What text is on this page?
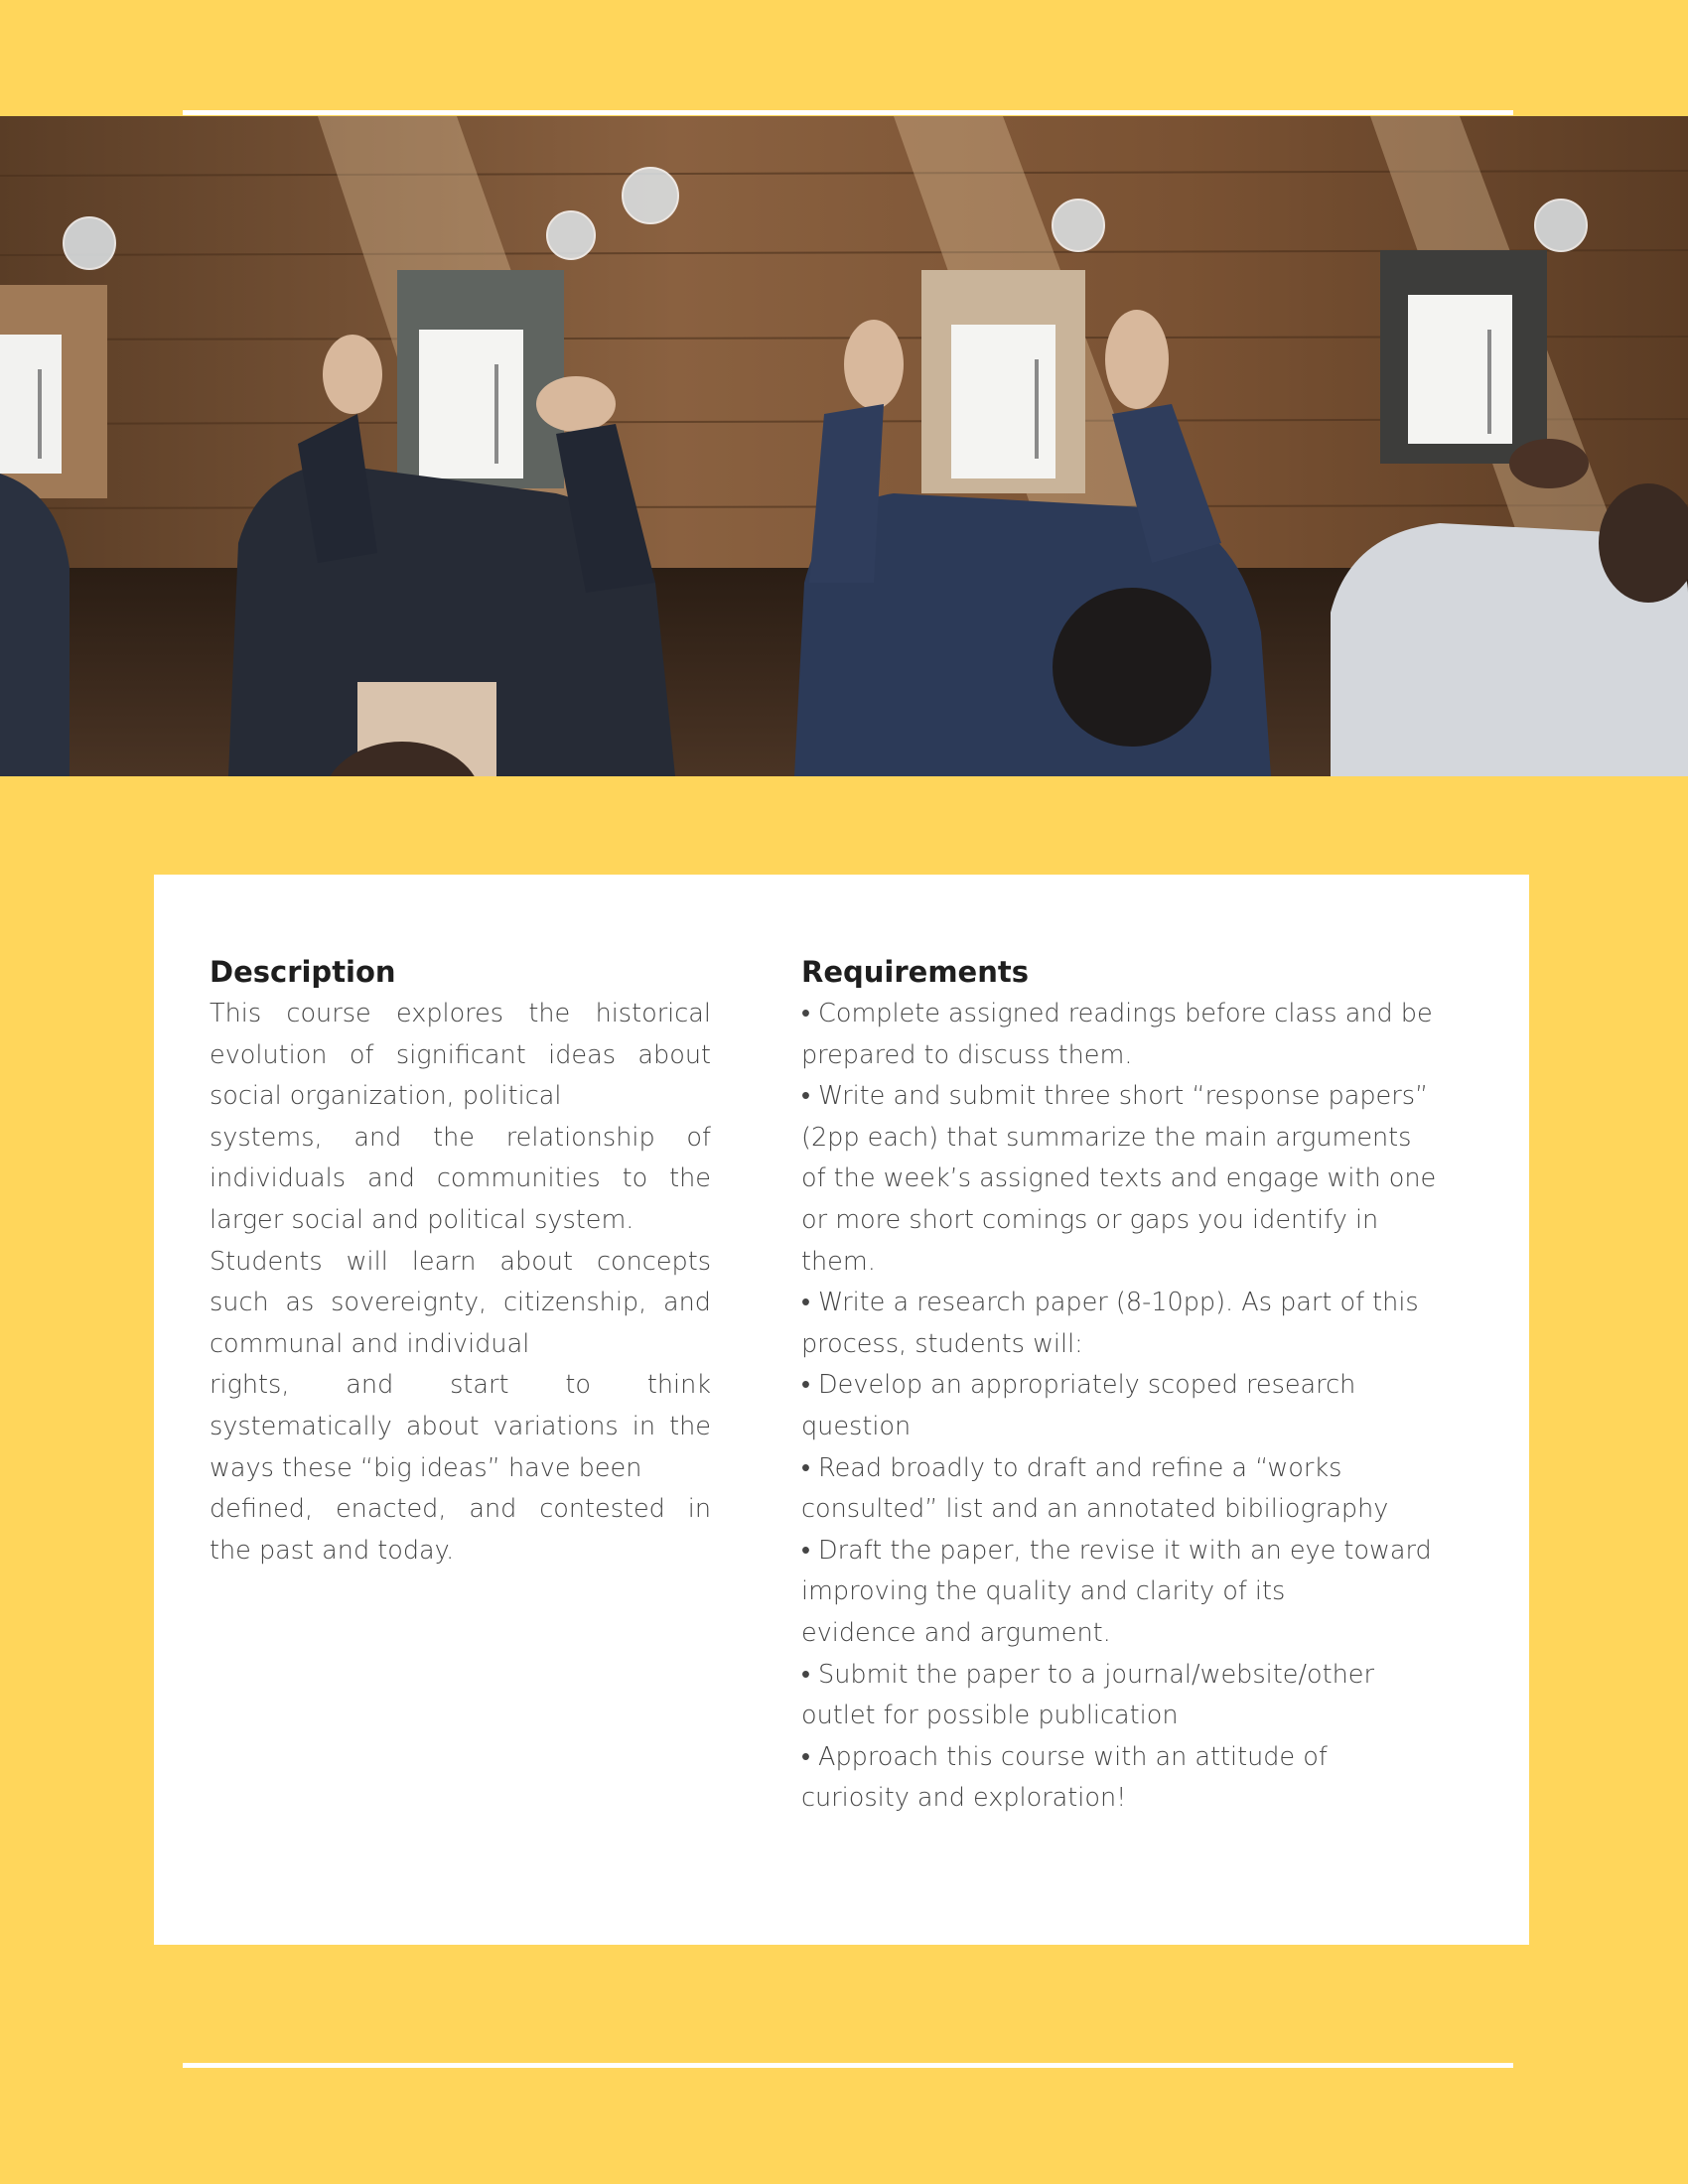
Description

This course explores the historical
evolution of significant ideas about
social organization, political
systems, and the relationship of
individuals and communities to the
larger social and political system.
Students will learn about concepts
such as sovereignty, citizenship, and
communal and individual
rights, and start to think
systematically about variations in the
ways these “big ideas” have been
defined, enacted, and contested in
the past and today.

Requirements
• Complete assigned readings before class and be
prepared to discuss them.
• Write and submit three short “response papers”
(2pp each) that summarize the main arguments
of the week’s assigned texts and engage with one
or more short comings or gaps you identify in
them.
• Write a research paper (8-10pp). As part of this
process, students will:
• Develop an appropriately scoped research
question
• Read broadly to draft and refine a “works
consulted” list and an annotated bibiliography
• Draft the paper, the revise it with an eye toward
improving the quality and clarity of its
evidence and argument.
• Submit the paper to a journal/website/other
outlet for possible publication
• Approach this course with an attitude of
curiosity and exploration!
